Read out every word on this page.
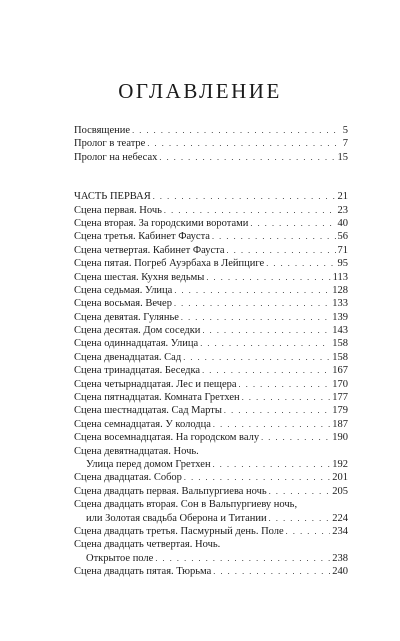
ОГЛАВЛЕНИЕ
Посвящение . . .	5
Пролог в театре . . .	7
Пролог на небесах . . .	15
ЧАСТЬ ПЕРВАЯ . . .	21
Сцена первая. Ночь . . .	23
Сцена вторая. За городскими воротами . . .	40
Сцена третья. Кабинет Фауста . . .	56
Сцена четвертая. Кабинет Фауста . . .	71
Сцена пятая. Погреб Ауэрбаха в Лейпциге . . .	95
Сцена шестая. Кухня ведьмы . . .	113
Сцена седьмая. Улица . . .	128
Сцена восьмая. Вечер . . .	133
Сцена девятая. Гулянье . . .	139
Сцена десятая. Дом соседки . . .	143
Сцена одиннадцатая. Улица . . .	158
Сцена двенадцатая. Сад . . .	158
Сцена тринадцатая. Беседка . . .	167
Сцена четырнадцатая. Лес и пещера . . .	170
Сцена пятнадцатая. Комната Гретхен . . .	177
Сцена шестнадцатая. Сад Марты . . .	179
Сцена семнадцатая. У колодца . . .	187
Сцена восемнадцатая. На городском валу . . .	190
Сцена девятнадцатая. Ночь.
Улица перед домом Гретхен . . .	192
Сцена двадцатая. Собор . . .	201
Сцена двадцать первая. Вальпургиева ночь . . .	205
Сцена двадцать вторая. Сон в Вальпургиеву ночь,
или Золотая свадьба Оберона и Титании . . .	224
Сцена двадцать третья. Пасмурный день. Поле . . .	234
Сцена двадцать четвертая. Ночь.
Открытое поле . . .	238
Сцена двадцать пятая. Тюрьма . . .	240
